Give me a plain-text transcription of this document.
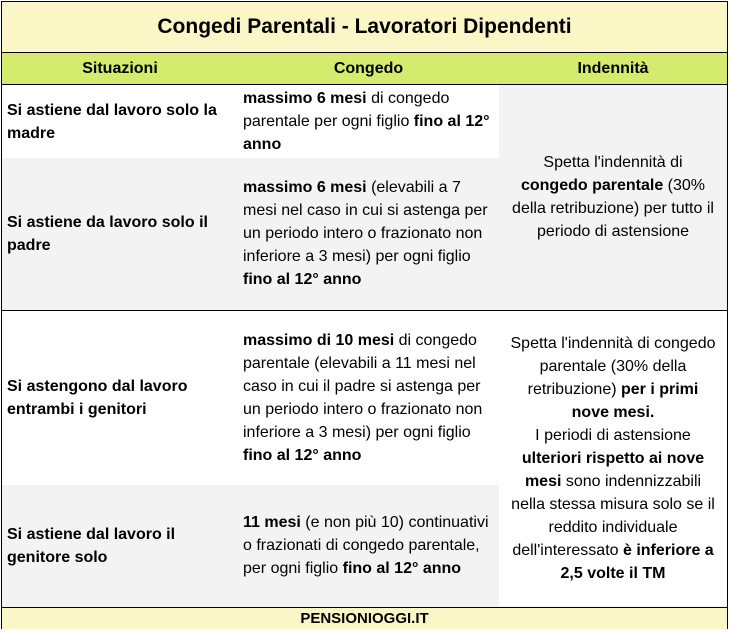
Congedi Parentali - Lavoratori Dipendenti
Situazioni	Congedo	Indennità
Si astiene dal lavoro solo la madre
massimo 6 mesi di congedo parentale per ogni figlio fino al 12° anno
Si astiene da lavoro solo il padre
massimo 6 mesi (elevabili a 7 mesi nel caso in cui si astenga per un periodo intero o frazionato non inferiore a 3 mesi) per ogni figlio fino al 12° anno
Spetta l'indennità di congedo parentale (30% della retribuzione) per tutto il periodo di astensione
Si astengono dal lavoro entrambi i genitori
massimo di 10 mesi di congedo parentale (elevabili a 11 mesi nel caso in cui il padre si astenga per un periodo intero o frazionato non inferiore a 3 mesi) per ogni figlio fino al 12° anno
Si astiene dal lavoro il genitore solo
11 mesi (e non più 10) continuativi o frazionati di congedo parentale, per ogni figlio fino al 12° anno
Spetta l'indennità di congedo parentale (30% della retribuzione) per i primi nove mesi.
I periodi di astensione ulteriori rispetto ai nove mesi sono indennizzabili nella stessa misura solo se il reddito individuale dell'interessato è inferiore a 2,5 volte il TM
PENSIONIOGGI.IT
